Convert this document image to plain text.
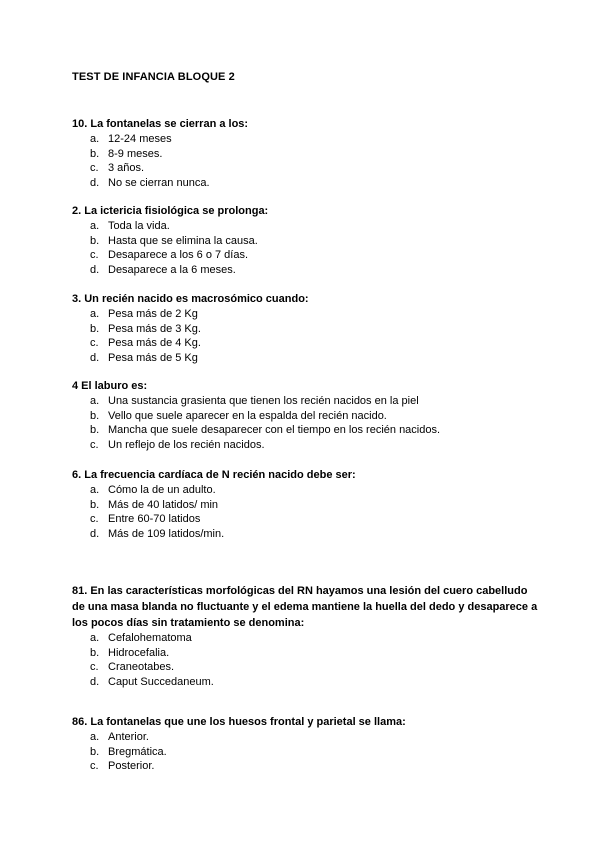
TEST DE INFANCIA BLOQUE 2

10. La fontanelas se cierran a los:

a. 12-24 meses
b. 8-9 meses.
c. 3 años.
d. No se cierran nunca.

2. La ictericia fisiológica se prolonga:

a. Toda la vida.
b. Hasta que se elimina la causa.
c. Desaparece a los 6 o 7 días.
d. Desaparece a la 6 meses.

3. Un recién nacido es macrosómico cuando:

a. Pesa más de 2 Kg
b. Pesa más de 3 Kg.
c. Pesa más de 4 Kg.
d. Pesa más de 5 Kg

4 El laburo es:

a. Una sustancia grasienta que tienen los recién nacidos en la piel
b. Vello que suele aparecer en la espalda del recién nacido.
b. Mancha que suele desaparecer con el tiempo en los recién nacidos.
c. Un reflejo de los recién nacidos.

6. La frecuencia cardíaca de N recién nacido debe ser:

a. Cómo la de un adulto.
b. Más de 40 latidos/ min
c. Entre 60-70 latidos
d. Más de 109 latidos/min.

81. En las características morfológicas del RN hayamos una lesión del cuero cabelludo de una masa blanda no fluctuante y el edema mantiene la huella del dedo y desaparece a los pocos días sin tratamiento se denomina:

a. Cefalohematoma
b. Hidrocefalia.
c. Craneotabes.
d. Caput Succedaneum.

86. La fontanelas que une los huesos frontal y parietal se llama:

a. Anterior.
b. Bregmática.
c. Posterior.
